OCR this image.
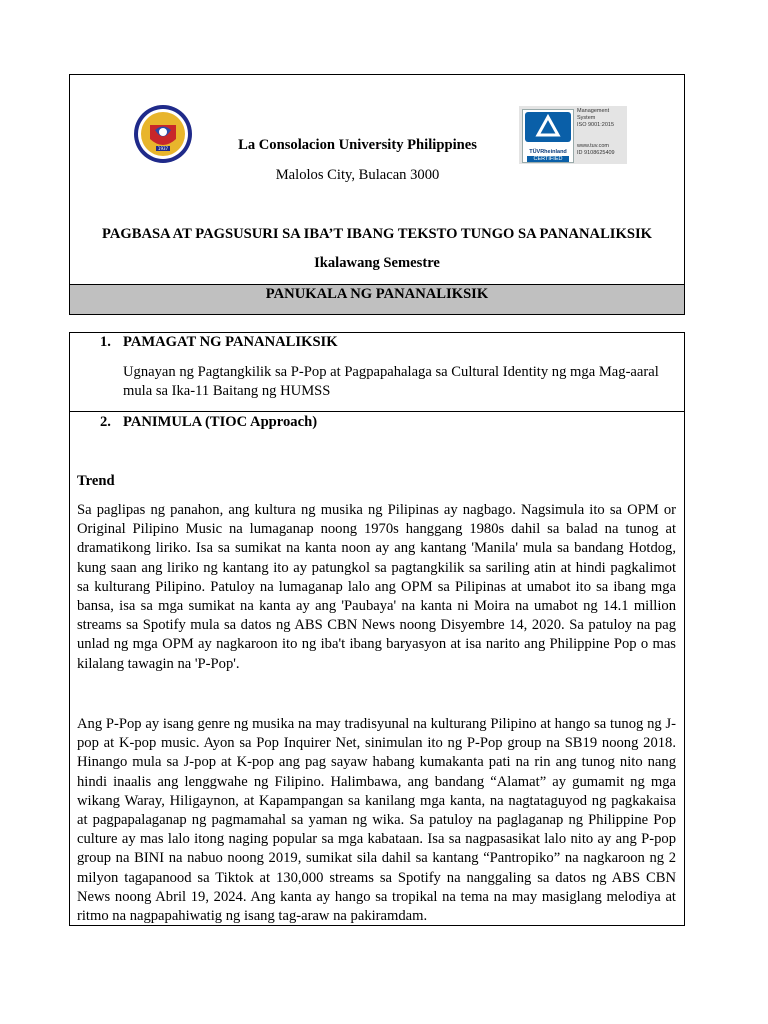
1937	La Consolacion University Philippines
Malolos City, Bulacan 3000
TÜVRheinland
CERTIFIED
Management
System
ISO 9001:2015
www.tuv.com
ID 9108625409
PAGBASA AT PAGSUSURI SA IBA’T IBANG TEKSTO TUNGO SA PANANALIKSIK
Ikalawang Semestre
PANUKALA NG PANANALIKSIK
1. PAMAGAT NG PANANALIKSIK
Ugnayan ng Pagtangkilik sa P-Pop at Pagpapahalaga sa Cultural Identity ng mga Mag-aaral mula sa Ika-11 Baitang ng HUMSS
2. PANIMULA (TIOC Approach)
Trend
Sa paglipas ng panahon, ang kultura ng musika ng Pilipinas ay nagbago. Nagsimula ito sa OPM or Original Pilipino Music na lumaganap noong 1970s hanggang 1980s dahil sa balad na tunog at dramatikong liriko. Isa sa sumikat na kanta noon ay ang kantang 'Manila' mula sa bandang Hotdog, kung saan ang liriko ng kantang ito ay patungkol sa pagtangkilik sa sariling atin at hindi pagkalimot sa kulturang Pilipino. Patuloy na lumaganap lalo ang OPM sa Pilipinas at umabot ito sa ibang mga bansa, isa sa mga sumikat na kanta ay ang 'Paubaya' na kanta ni Moira na umabot ng 14.1 million streams sa Spotify mula sa datos ng ABS CBN News noong Disyembre 14, 2020. Sa patuloy na pag unlad ng mga OPM ay nagkaroon ito ng iba't ibang baryasyon at isa narito ang Philippine Pop o mas kilalang tawagin na 'P-Pop'.
Ang P-Pop ay isang genre ng musika na may tradisyunal na kulturang Pilipino at hango sa tunog ng J-pop at K-pop music. Ayon sa Pop Inquirer Net, sinimulan ito ng P-Pop group na SB19 noong 2018. Hinango mula sa J-pop at K-pop ang pag sayaw habang kumakanta pati na rin ang tunog nito nang hindi inaalis ang lenggwahe ng Filipino. Halimbawa, ang bandang “Alamat” ay gumamit ng mga wikang Waray, Hiligaynon, at Kapampangan sa kanilang mga kanta, na nagtataguyod ng pagkakaisa at pagpapalaganap ng pagmamahal sa yaman ng wika. Sa patuloy na paglaganap ng Philippine Pop culture ay mas lalo itong naging popular sa mga kabataan. Isa sa nagpasasikat lalo nito ay ang P-pop group na BINI na nabuo noong 2019, sumikat sila dahil sa kantang “Pantropiko” na nagkaroon ng 2 milyon tagapanood sa Tiktok at 130,000 streams sa Spotify na nanggaling sa datos ng ABS CBN News noong Abril 19, 2024. Ang kanta ay hango sa tropikal na tema na may masiglang melodiya at ritmo na nagpapahiwatig ng isang tag-araw na pakiramdam.
